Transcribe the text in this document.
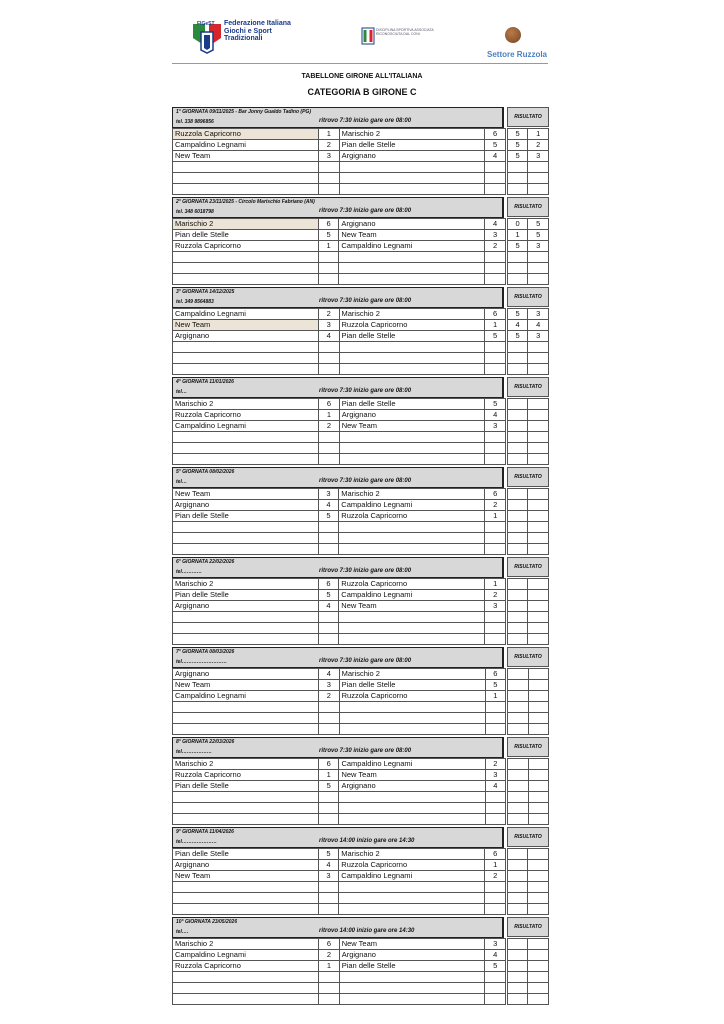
FIGeST Federazione Italiana
Giochi e Sport
Tradizionali
DISCIPLINA SPORTIVA ASSOCIATA RICONOSCIUTA DAL CONI
Settore Ruzzola
TABELLONE GIRONE ALL'ITALIANA
CATEGORIA B GIRONE C
1° GIORNATA 09/11/2025 - Bar Jonny Gualdo Tadino (PG)
tel. 338 9896856	ritrovo 7:30 inizio gare ore 08:00
RISULTATO
Ruzzola Capricorno	1	Marischio 2	6		5	1
Campaldino Legnami	2	Pian delle Stelle	5		5	2
New Team	3	Argignano	4		5	3

2° GIORNATA 23/11/2025 - Circolo Marischio Fabriano (AN)
tel. 348 6018798	ritrovo 7:30 inizio gare ore 08:00
RISULTATO
Marischio 2	6	Argignano	4		0	5
Pian delle Stelle	5	New Team	3		1	5
Ruzzola Capricorno	1	Campaldino Legnami	2		5	3

3° GIORNATA 14/12/2025
tel. 349 8564883	ritrovo 7:30 inizio gare ore 08:00
RISULTATO
Campaldino Legnami	2	Marischio 2	6		5	3
New Team	3	Ruzzola Capricorno	1		4	4
Argignano	4	Pian delle Stelle	5		5	3

4° GIORNATA 11/01/2026
tel…	ritrovo 7:30 inizio gare ore 08:00
RISULTATO
Marischio 2	6	Pian delle Stelle	5			
Ruzzola Capricorno	1	Argignano	4			
Campaldino Legnami	2	New Team	3			

5° GIORNATA 08/02/2026
tel…	ritrovo 7:30 inizio gare ore 08:00
RISULTATO
New Team	3	Marischio 2	6			
Argignano	4	Campaldino Legnami	2			
Pian delle Stelle	5	Ruzzola Capricorno	1			

6° GIORNATA 22/02/2026
tel…………	ritrovo 7:30 inizio gare ore 08:00
RISULTATO
Marischio 2	6	Ruzzola Capricorno	1			
Pian delle Stelle	5	Campaldino Legnami	2			
Argignano	4	New Team	3			

7° GIORNATA 08/03/2026
tel………………………	ritrovo 7:30 inizio gare ore 08:00
RISULTATO
Argignano	4	Marischio 2	6			
New Team	3	Pian delle Stelle	5			
Campaldino Legnami	2	Ruzzola Capricorno	1			

8° GIORNATA 22/03/2026
tel………………	ritrovo 7:30 inizio gare ore 08:00
RISULTATO
Marischio 2	6	Campaldino Legnami	2			
Ruzzola Capricorno	1	New Team	3			
Pian delle Stelle	5	Argignano	4			

9° GIORNATA 11/04/2026
tel…………………	ritrovo 14:00 inizio gare ore 14:30
RISULTATO
Pian delle Stelle	5	Marischio 2	6			
Argignano	4	Ruzzola Capricorno	1			
New Team	3	Campaldino Legnami	2			

10° GIORNATA 23/05/2026
tel….	ritrovo 14:00 inizio gare ore 14:30
RISULTATO
Marischio 2	6	New Team	3			
Campaldino Legnami	2	Argignano	4			
Ruzzola Capricorno	1	Pian delle Stelle	5			
